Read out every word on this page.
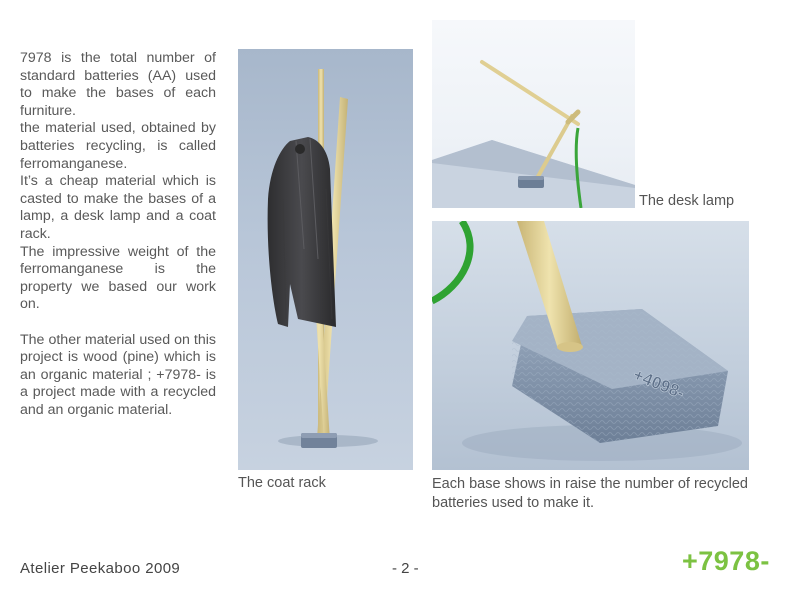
7978 is the total number of standard batteries (AA) used to make the bases of each furniture.

the material used, obtained by batteries recycling, is called ferromanganese.

It’s a cheap material which is casted to make the bases of a lamp, a desk lamp and a coat rack.

The impressive weight of the ferromanganese is the property we based our work on.

The other material used on this project is wood (pine) which is an organic material ; +7978- is a project made with a recycled and an organic material.

The coat rack
The desk lamp
+4098-
Each base shows in raise the number of recycled batteries used to make it.
Atelier Peekaboo 2009	- 2 -	+7978-
